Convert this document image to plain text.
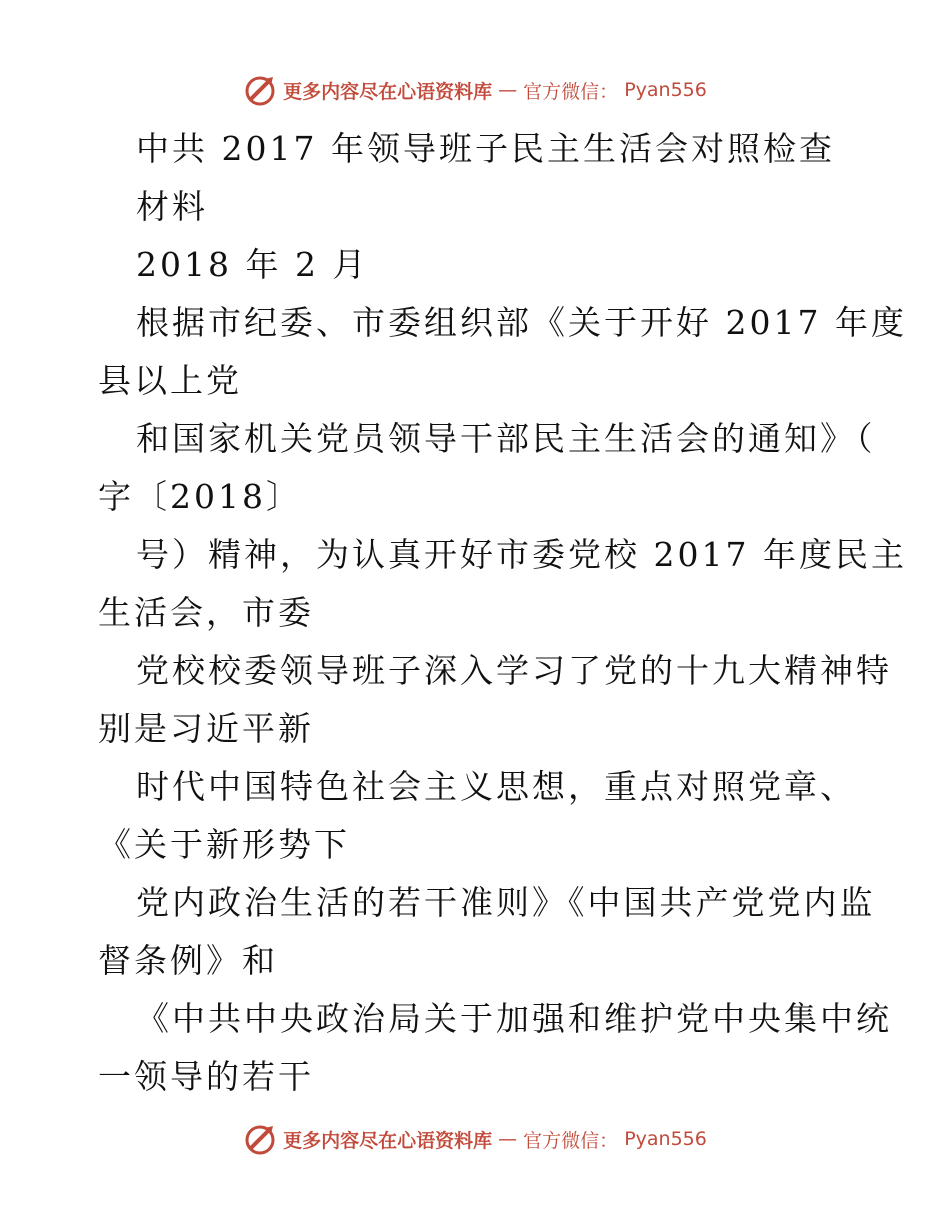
更多内容尽在心语资料库 — 官方微信： Pyan556
中共 2017 年领导班子民主生活会对照检查
材料
2018 年 2 月
根据市纪委、市委组织部《关于开好 2017 年度
县以上党
和国家机关党员领导干部民主生活会的通知》（
字〔2018〕
号）精神，为认真开好市委党校 2017 年度民主
生活会，市委
党校校委领导班子深入学习了党的十九大精神特
别是习近平新
时代中国特色社会主义思想，重点对照党章、
《关于新形势下
党内政治生活的若干准则》《中国共产党党内监
督条例》和
《中共中央政治局关于加强和维护党中央集中统
一领导的若干
更多内容尽在心语资料库 — 官方微信： Pyan556
